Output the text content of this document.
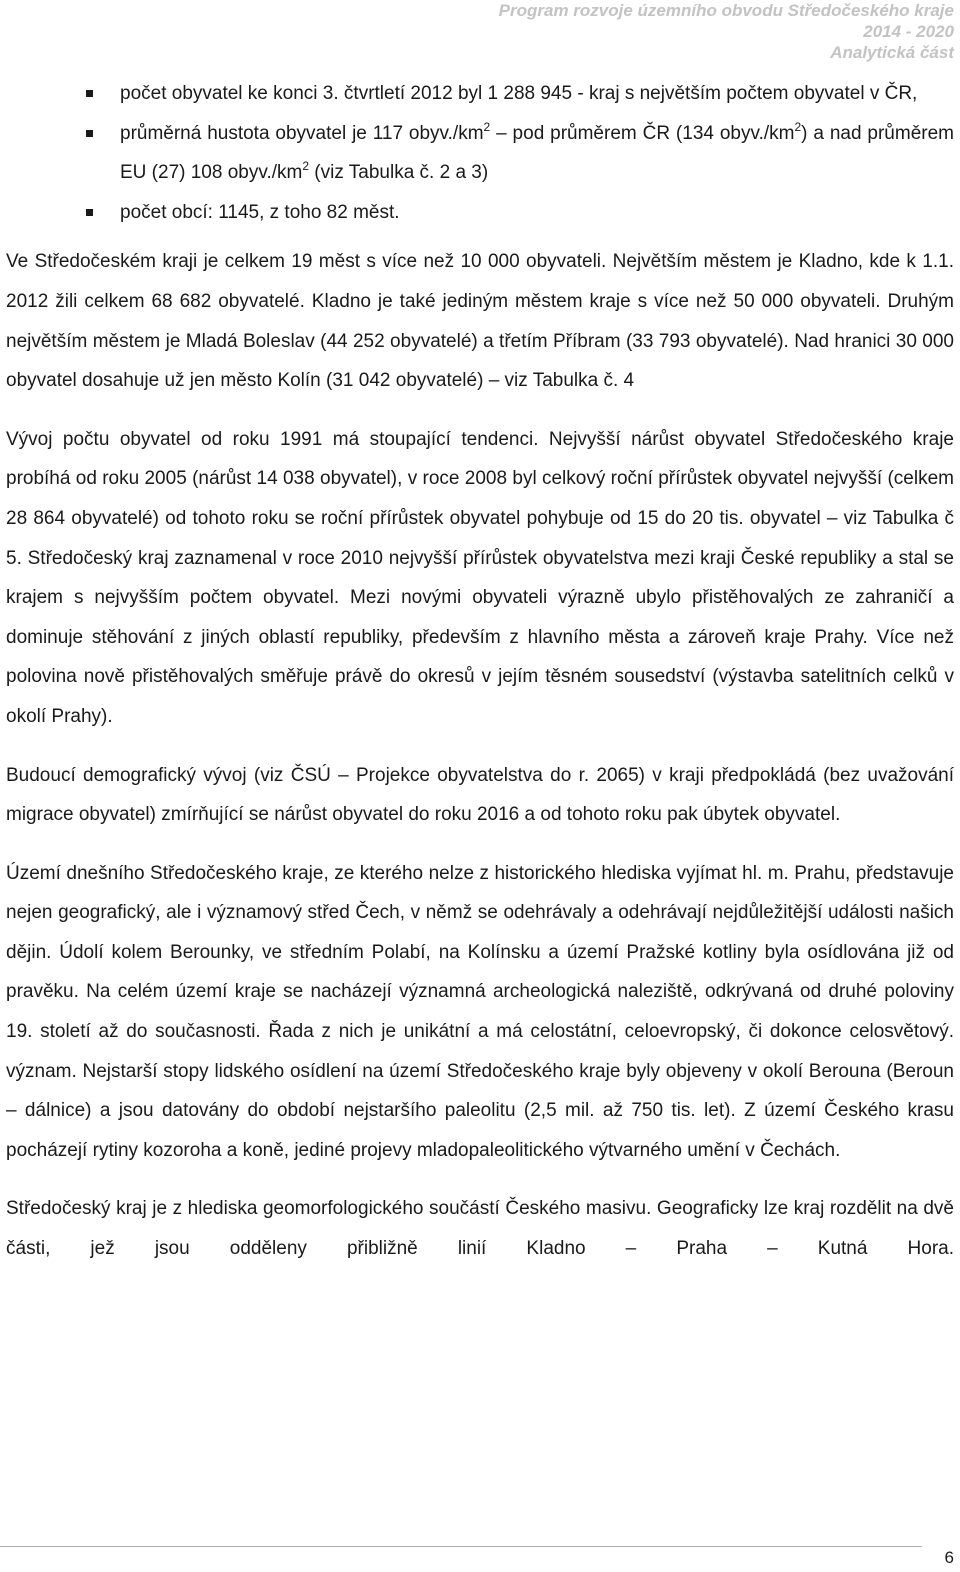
Program rozvoje územního obvodu Středočeského kraje
2014 - 2020
Analytická část
počet obyvatel ke konci 3. čtvrtletí 2012 byl 1 288 945 - kraj s největším počtem obyvatel v ČR,
průměrná hustota obyvatel je 117 $obyv./km^2$ – pod průměrem ČR (134 $obyv./km^2$) a nad průměrem EU (27) 108 $obyv./km^2$ (viz Tabulka č. 2 a 3)
počet obcí: 1145, z toho 82 měst.

Ve Středočeském kraji je celkem 19 měst s více než 10 000 obyvateli. Největším městem je Kladno, kde k 1.1. 2012 žili celkem 68 682 obyvatelé. Kladno je také jediným městem kraje s více než 50 000 obyvateli. Druhým největším městem je Mladá Boleslav (44 252 obyvatelé) a třetím Příbram (33 793 obyvatelé). Nad hranici 30 000 obyvatel dosahuje už jen město Kolín (31 042 obyvatelé) – viz Tabulka č. 4

Vývoj počtu obyvatel od roku 1991 má stoupající tendenci. Nejvyšší nárůst obyvatel Středočeského kraje probíhá od roku 2005 (nárůst 14 038 obyvatel), v roce 2008 byl celkový roční přírůstek obyvatel nejvyšší (celkem 28 864 obyvatelé) od tohoto roku se roční přírůstek obyvatel pohybuje od 15 do 20 tis. obyvatel – viz Tabulka č 5. Středočeský kraj zaznamenal v roce 2010 nejvyšší přírůstek obyvatelstva mezi kraji České republiky a stal se krajem s nejvyšším počtem obyvatel. Mezi novými obyvateli výrazně ubylo přistěhovalých ze zahraničí a dominuje stěhování z jiných oblastí republiky, především z hlavního města a zároveň kraje Prahy. Více než polovina nově přistěhovalých směřuje právě do okresů v jejím těsném sousedství (výstavba satelitních celků v okolí Prahy).

Budoucí demografický vývoj (viz ČSÚ – Projekce obyvatelstva do r. 2065) v kraji předpokládá (bez uvažování migrace obyvatel) zmírňující se nárůst obyvatel do roku 2016 a od tohoto roku pak úbytek obyvatel.

Území dnešního Středočeského kraje, ze kterého nelze z historického hlediska vyjímat hl. m. Prahu, představuje nejen geografický, ale i významový střed Čech, v němž se odehrávaly a odehrávají nejdůležitější události našich dějin. Údolí kolem Berounky, ve středním Polabí, na Kolínsku a území Pražské kotliny byla osídlována již od pravěku. Na celém území kraje se nacházejí významná archeologická naleziště, odkrývaná od druhé poloviny 19. století až do současnosti. Řada z nich je unikátní a má celostátní, celoevropský, či dokonce celosvětový. význam. Nejstarší stopy lidského osídlení na území Středočeského kraje byly objeveny v okolí Berouna (Beroun – dálnice) a jsou datovány do období nejstaršího paleolitu (2,5 mil. až 750 tis. let). Z území Českého krasu pocházejí rytiny kozoroha a koně, jediné projevy mladopaleolitického výtvarného umění v Čechách.

Středočeský kraj je z hlediska geomorfologického součástí Českého masivu. Geograficky lze kraj rozdělit na dvě části, jež jsou odděleny přibližně linií Kladno – Praha – Kutná Hora.

6
